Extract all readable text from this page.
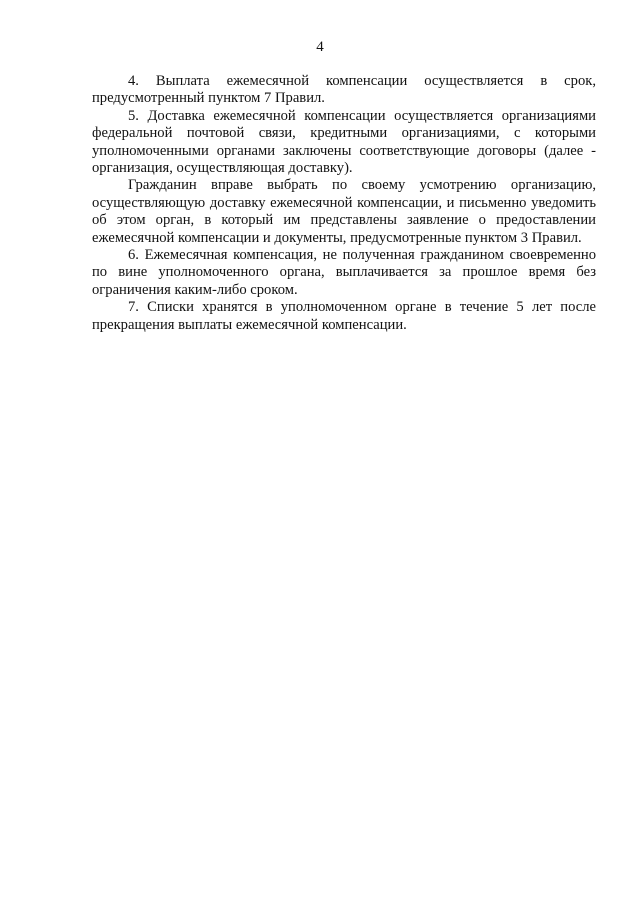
4

4. Выплата ежемесячной компенсации осуществляется в срок, предусмотренный пунктом 7 Правил.

5. Доставка ежемесячной компенсации осуществляется организациями федеральной почтовой связи, кредитными организациями, с которыми уполномоченными органами заключены соответствующие договоры (далее - организация, осуществляющая доставку).

Гражданин вправе выбрать по своему усмотрению организацию, осуществляющую доставку ежемесячной компенсации, и письменно уведомить об этом орган, в который им представлены заявление о предоставлении ежемесячной компенсации и документы, предусмотренные пунктом 3 Правил.

6. Ежемесячная компенсация, не полученная гражданином своевременно по вине уполномоченного органа, выплачивается за прошлое время без ограничения каким-либо сроком.

7. Списки хранятся в уполномоченном органе в течение 5 лет после прекращения выплаты ежемесячной компенсации.
